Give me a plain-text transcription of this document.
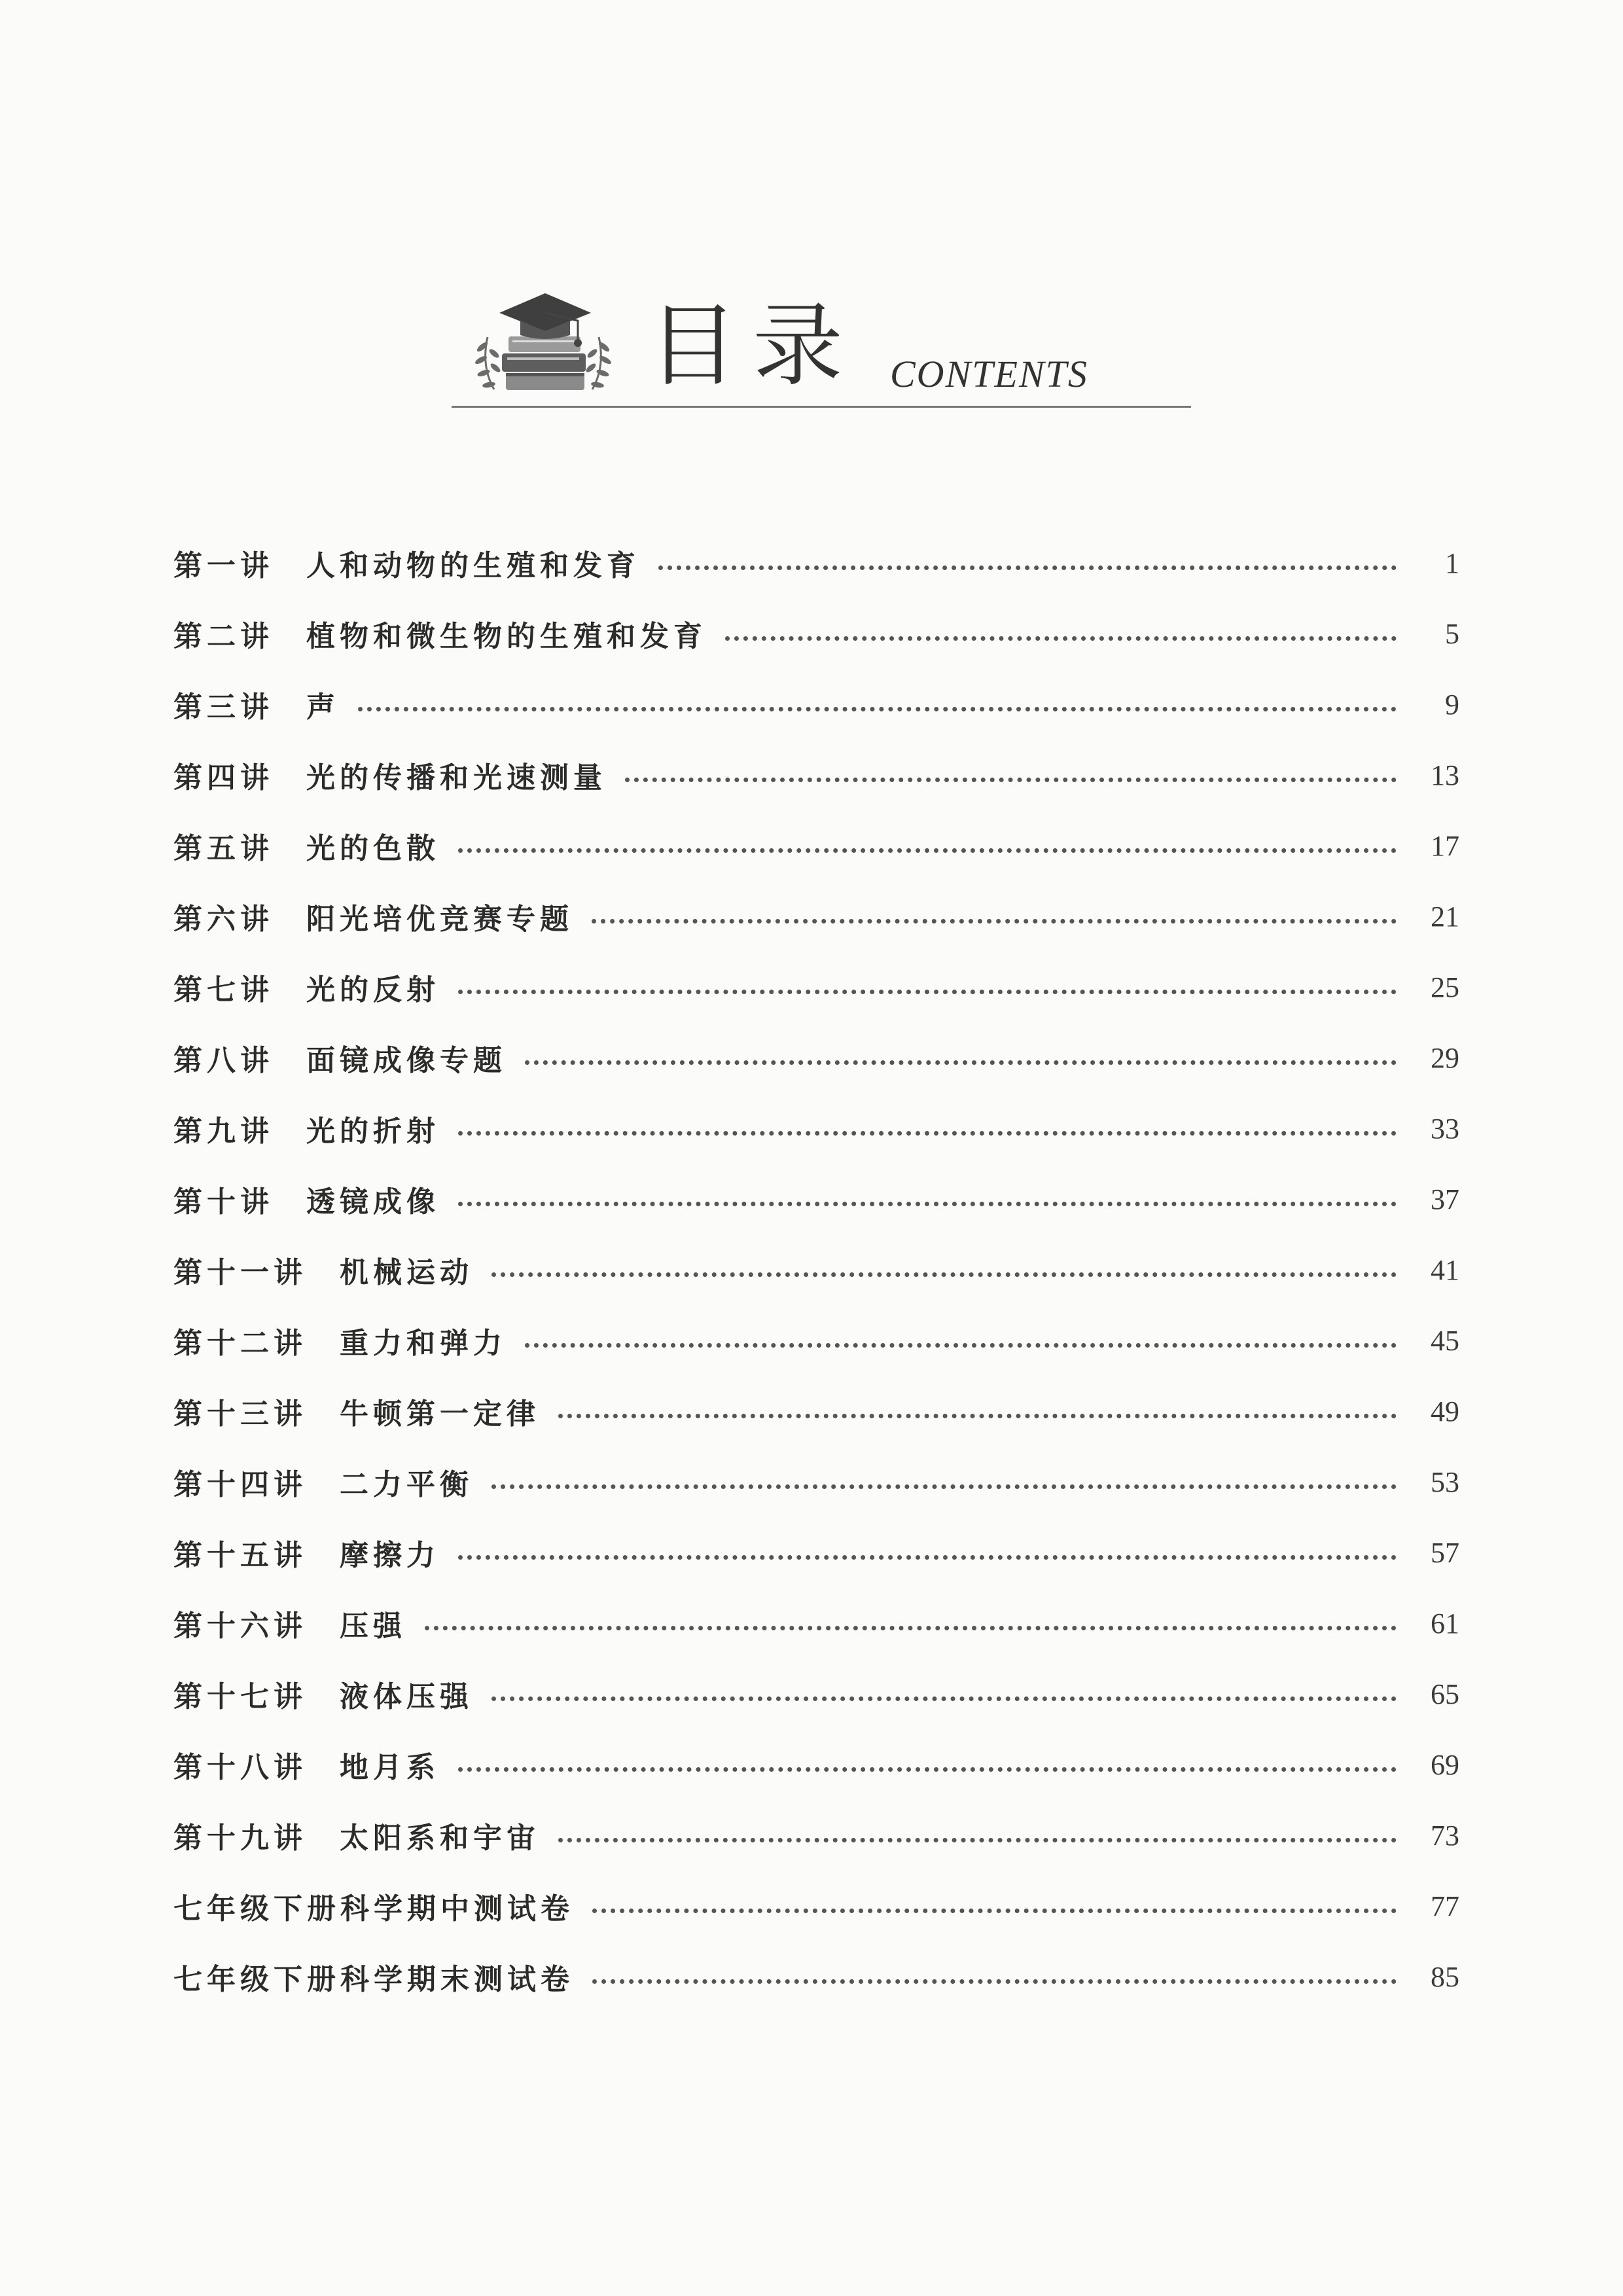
目录 CONTENTS
第一讲 人和动物的生殖和发育	1
第二讲 植物和微生物的生殖和发育	5
第三讲 声	9
第四讲 光的传播和光速测量	13
第五讲 光的色散	17
第六讲 阳光培优竞赛专题	21
第七讲 光的反射	25
第八讲 面镜成像专题	29
第九讲 光的折射	33
第十讲 透镜成像	37
第十一讲 机械运动	41
第十二讲 重力和弹力	45
第十三讲 牛顿第一定律	49
第十四讲 二力平衡	53
第十五讲 摩擦力	57
第十六讲 压强	61
第十七讲 液体压强	65
第十八讲 地月系	69
第十九讲 太阳系和宇宙	73
七年级下册科学期中测试卷	77
七年级下册科学期末测试卷	85
